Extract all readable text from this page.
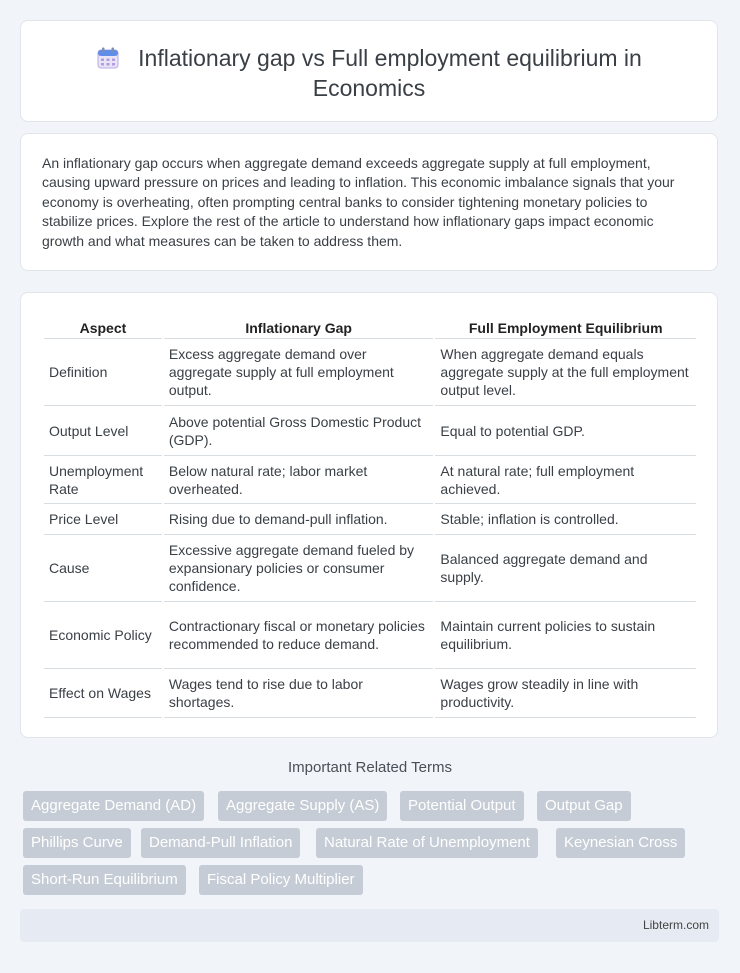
Inflationary gap vs Full employment equilibrium in
Economics
An inflationary gap occurs when aggregate demand exceeds aggregate supply at full employment, causing upward pressure on prices and leading to inflation. This economic imbalance signals that your economy is overheating, often prompting central banks to consider tightening monetary policies to stabilize prices. Explore the rest of the article to understand how inflationary gaps impact economic growth and what measures can be taken to address them.
Aspect	Inflationary Gap	Full Employment Equilibrium
Definition	Excess aggregate demand over aggregate supply at full employment output.	When aggregate demand equals aggregate supply at the full employment output level.
Output Level	Above potential Gross Domestic Product (GDP).	Equal to potential GDP.
Unemployment Rate	Below natural rate; labor market overheated.	At natural rate; full employment achieved.
Price Level	Rising due to demand-pull inflation.	Stable; inflation is controlled.
Cause	Excessive aggregate demand fueled by expansionary policies or consumer confidence.	Balanced aggregate demand and supply.
Economic Policy	Contractionary fiscal or monetary policies recommended to reduce demand.	Maintain current policies to sustain equilibrium.
Effect on Wages	Wages tend to rise due to labor shortages.	Wages grow steadily in line with productivity.
Important Related Terms
Aggregate Demand (AD)	Aggregate Supply (AS)	Potential Output	Output Gap
Phillips Curve	Demand-Pull Inflation	Natural Rate of Unemployment	Keynesian Cross
Short-Run Equilibrium	Fiscal Policy Multiplier
Libterm.com
